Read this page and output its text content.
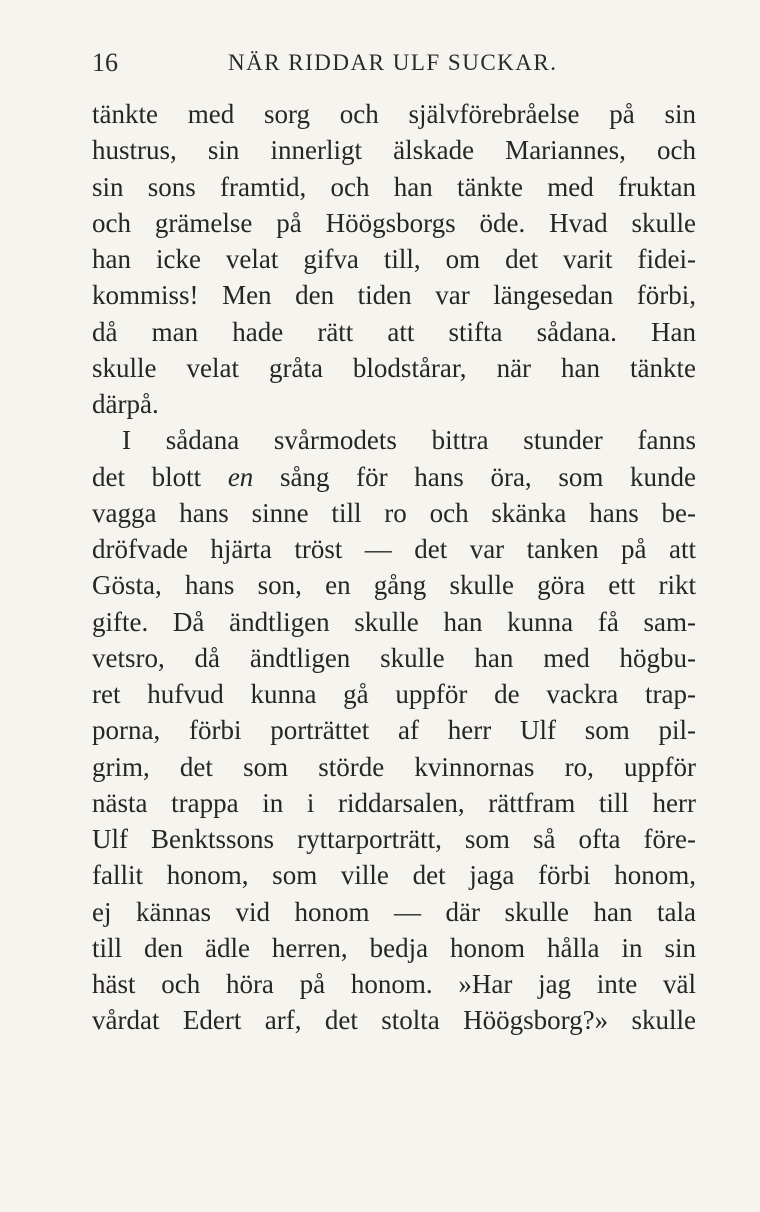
16	NÄR RIDDAR ULF SUCKAR.
tänkte med sorg och självförebråelse på sin
hustrus, sin innerligt älskade Mariannes, och
sin sons framtid, och han tänkte med fruktan
och grämelse på Höögsborgs öde. Hvad skulle
han icke velat gifva till, om det varit fidei-
kommiss! Men den tiden var längesedan förbi,
då man hade rätt att stifta sådana. Han
skulle velat gråta blodstårar, när han tänkte
därpå.
I sådana svårmodets bittra stunder fanns
det blott en sång för hans öra, som kunde
vagga hans sinne till ro och skänka hans be-
dröfvade hjärta tröst — det var tanken på att
Gösta, hans son, en gång skulle göra ett rikt
gifte. Då ändtligen skulle han kunna få sam-
vetsro, då ändtligen skulle han med högbu-
ret hufvud kunna gå uppför de vackra trap-
porna, förbi porträttet af herr Ulf som pil-
grim, det som störde kvinnornas ro, uppför
nästa trappa in i riddarsalen, rättfram till herr
Ulf Benktssons ryttarporträtt, som så ofta före-
fallit honom, som ville det jaga förbi honom,
ej kännas vid honom — där skulle han tala
till den ädle herren, bedja honom hålla in sin
häst och höra på honom. »Har jag inte väl
vårdat Edert arf, det stolta Höögsborg?» skulle
